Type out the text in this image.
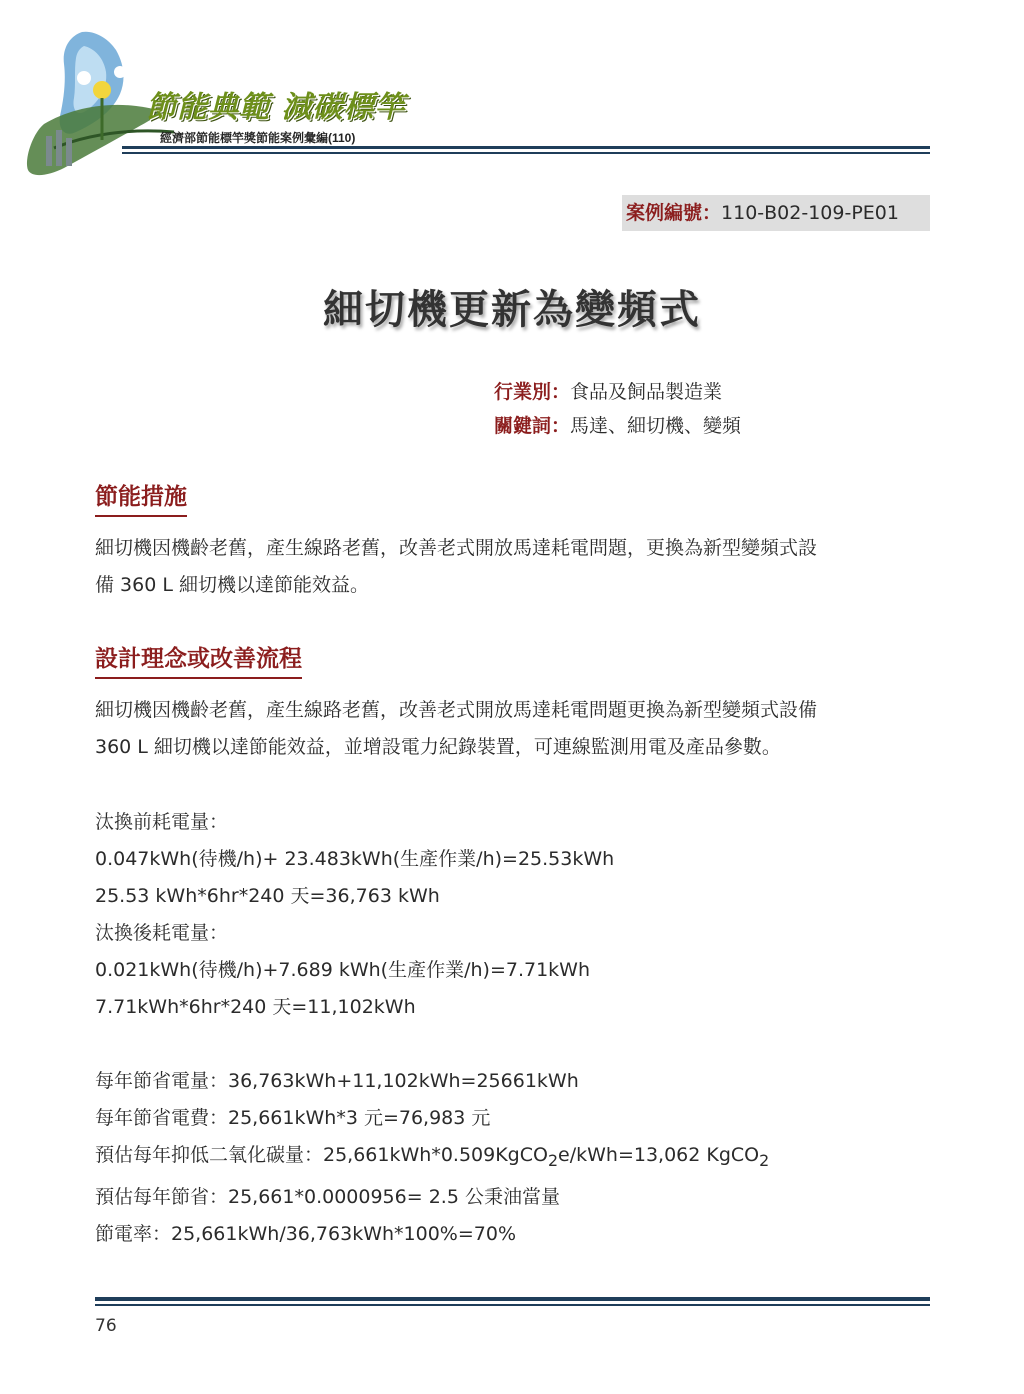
節能典範 減碳標竿
經濟部節能標竿獎節能案例彙編(110)
案例編號：110-B02-109-PE01
細切機更新為變頻式
行業別：食品及飼品製造業
關鍵詞：馬達、細切機、變頻
節能措施
細切機因機齡老舊，產生線路老舊，改善老式開放馬達耗電問題，更換為新型變頻式設
備 360 L 細切機以達節能效益。
設計理念或改善流程
細切機因機齡老舊，產生線路老舊，改善老式開放馬達耗電問題更換為新型變頻式設備
360 L 細切機以達節能效益，並增設電力紀錄裝置，可連線監測用電及產品參數。
汰換前耗電量：
0.047kWh(待機/h)+ 23.483kWh(生產作業/h)=25.53kWh
25.53 kWh*6hr*240 天=36,763 kWh
汰換後耗電量：
0.021kWh(待機/h)+7.689 kWh(生產作業/h)=7.71kWh
7.71kWh*6hr*240 天=11,102kWh
每年節省電量：36,763kWh+11,102kWh=25661kWh
每年節省電費：25,661kWh*3 元=76,983 元
預估每年抑低二氧化碳量：25,661kWh*0.509KgCO$_2$e/kWh=13,062 KgCO$_2$
預估每年節省：25,661*0.0000956= 2.5 公秉油當量
節電率：25,661kWh/36,763kWh*100%=70%
76
